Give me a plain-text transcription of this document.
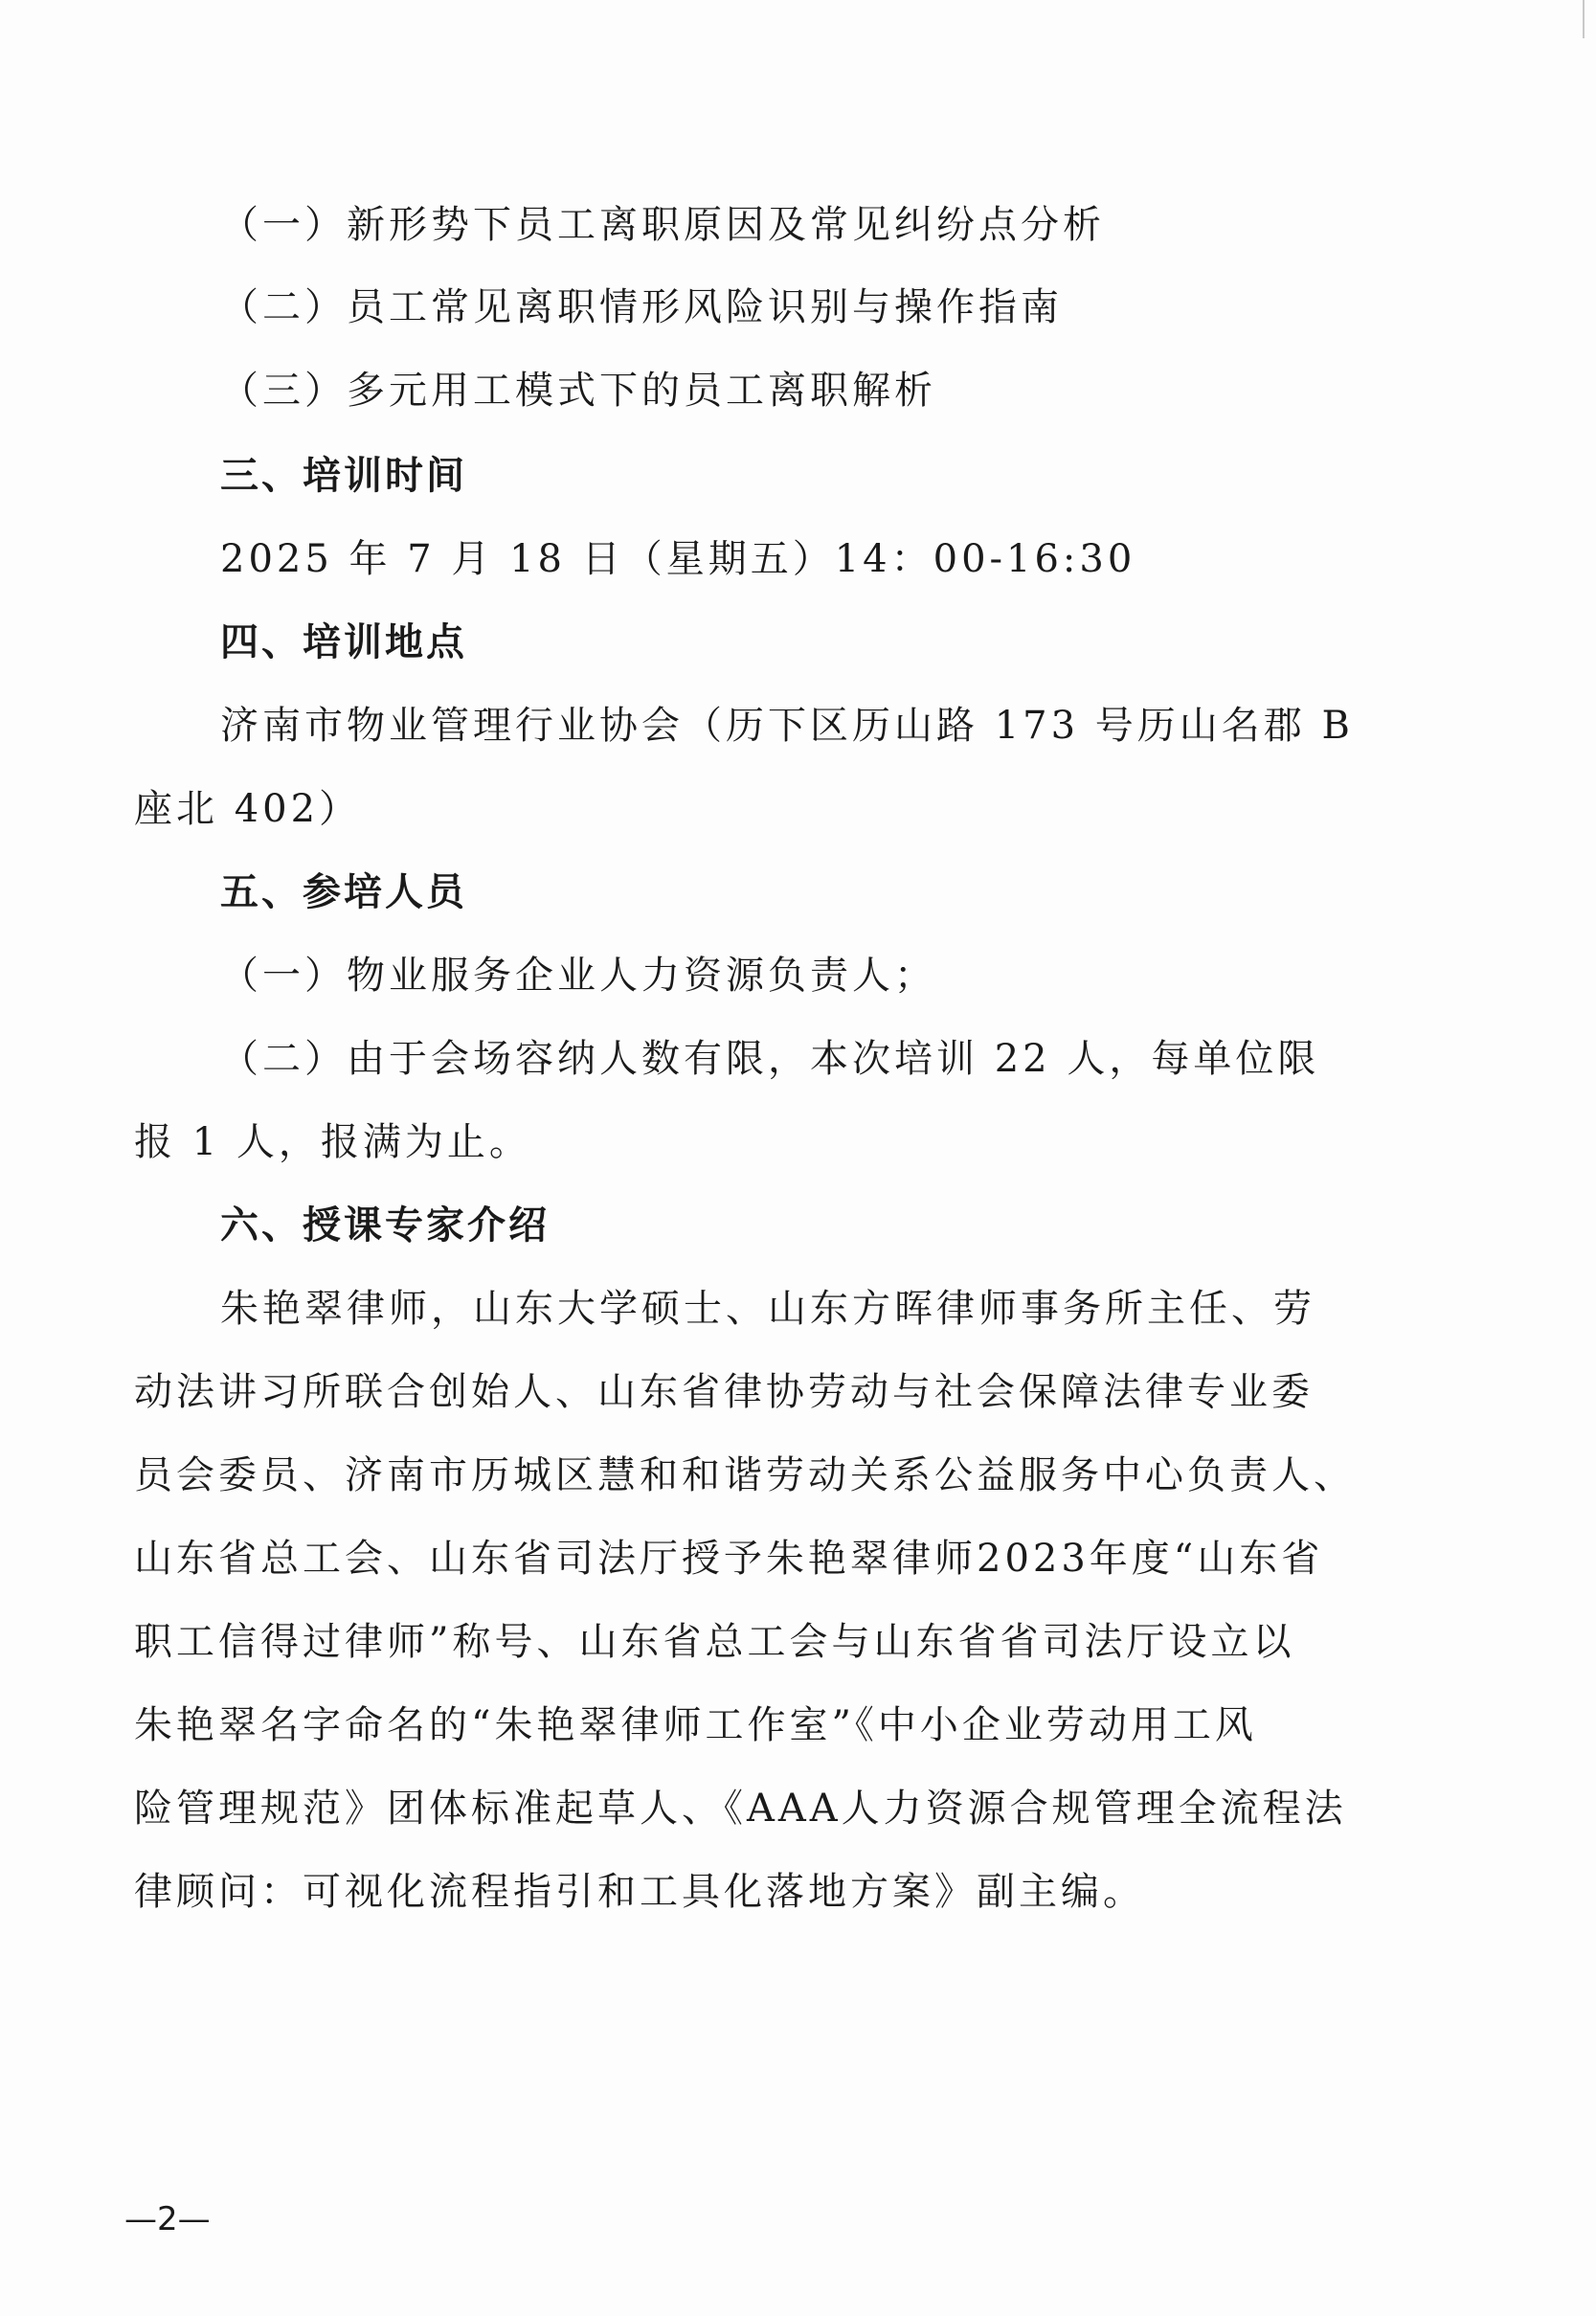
（一）新形势下员工离职原因及常见纠纷点分析
（二）员工常见离职情形风险识别与操作指南
（三）多元用工模式下的员工离职解析
三、培训时间
2025 年 7 月 18 日（星期五）14：00-16:30
四、培训地点
济南市物业管理行业协会（历下区历山路 173 号历山名郡 B
座北 402）
五、参培人员
（一）物业服务企业人力资源负责人；
（二）由于会场容纳人数有限，本次培训 22 人，每单位限
报 1 人，报满为止。
六、授课专家介绍
朱艳翠律师，山东大学硕士、山东方晖律师事务所主任、劳
动法讲习所联合创始人、山东省律协劳动与社会保障法律专业委
员会委员、济南市历城区慧和和谐劳动关系公益服务中心负责人、
山东省总工会、山东省司法厅授予朱艳翠律师2023年度“山东省
职工信得过律师”称号、山东省总工会与山东省省司法厅设立以
朱艳翠名字命名的“朱艳翠律师工作室”《中小企业劳动用工风
险管理规范》团体标准起草人、《AAA人力资源合规管理全流程法
律顾问：可视化流程指引和工具化落地方案》副主编。
—2—
